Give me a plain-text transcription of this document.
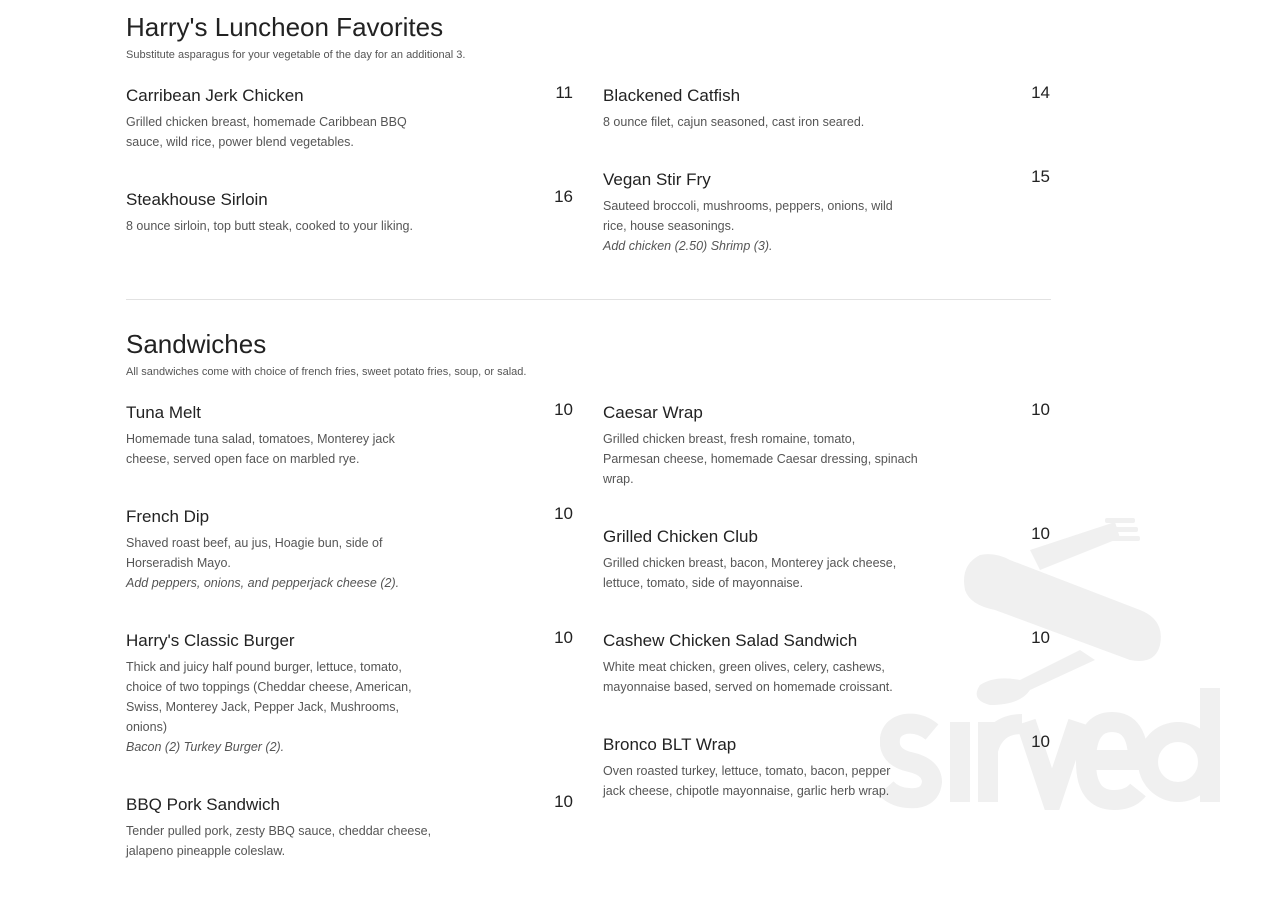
Harry's Luncheon Favorites
Substitute asparagus for your vegetable of the day for an additional 3.
Carribean Jerk Chicken	11
Grilled chicken breast, homemade Caribbean BBQ
sauce, wild rice, power blend vegetables.
Steakhouse Sirloin	16
8 ounce sirloin, top butt steak, cooked to your liking.
Blackened Catfish	14
8 ounce filet, cajun seasoned, cast iron seared.
Vegan Stir Fry	15
Sauteed broccoli, mushrooms, peppers, onions, wild
rice, house seasonings.
Add chicken (2.50) Shrimp (3).
Sandwiches
All sandwiches come with choice of french fries, sweet potato fries, soup, or salad.
Tuna Melt	10
Homemade tuna salad, tomatoes, Monterey jack
cheese, served open face on marbled rye.
French Dip	10
Shaved roast beef, au jus, Hoagie bun, side of
Horseradish Mayo.
Add peppers, onions, and pepperjack cheese (2).
Harry's Classic Burger	10
Thick and juicy half pound burger, lettuce, tomato,
choice of two toppings (Cheddar cheese, American,
Swiss, Monterey Jack, Pepper Jack, Mushrooms,
onions)
Bacon (2) Turkey Burger (2).
BBQ Pork Sandwich	10
Tender pulled pork, zesty BBQ sauce, cheddar cheese,
jalapeno pineapple coleslaw.
Caesar Wrap	10
Grilled chicken breast, fresh romaine, tomato,
Parmesan cheese, homemade Caesar dressing, spinach
wrap.
Grilled Chicken Club	10
Grilled chicken breast, bacon, Monterey jack cheese,
lettuce, tomato, side of mayonnaise.
Cashew Chicken Salad Sandwich	10
White meat chicken, green olives, celery, cashews,
mayonnaise based, served on homemade croissant.
Bronco BLT Wrap	10
Oven roasted turkey, lettuce, tomato, bacon, pepper
jack cheese, chipotle mayonnaise, garlic herb wrap.
